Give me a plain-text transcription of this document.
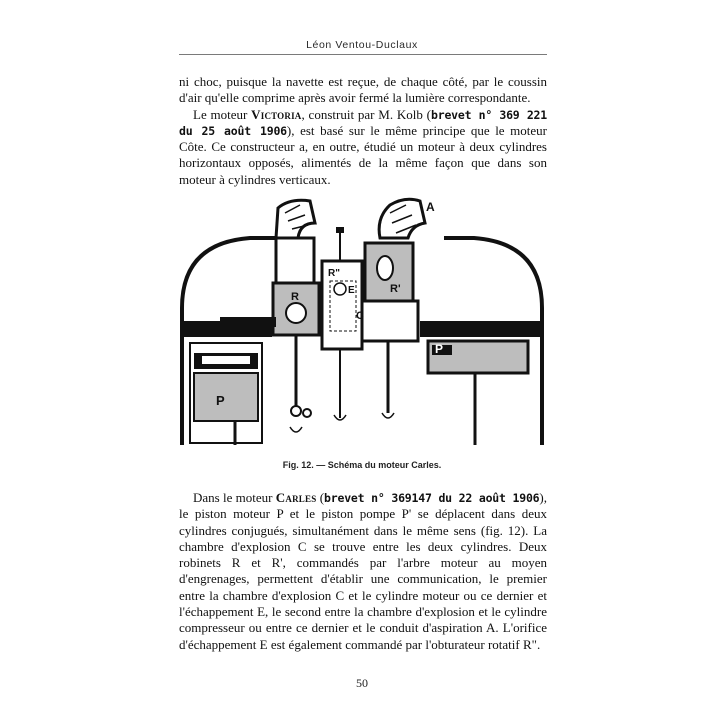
Léon Ventou-Duclaux

ni choc, puisque la navette est reçue, de chaque côté, par le coussin d'air qu'elle comprime après avoir fermé la lumière correspondante.

Le moteur Victoria, construit par M. Kolb (brevet n° 369 221 du 25 août 1906), est basé sur le même principe que le moteur Côte. Ce constructeur a, en outre, étudié un moteur à deux cylindres horizontaux opposés, alimentés de la même façon que dans son moteur à cylindres verticaux.

A
R
R'
R"
E
C
P
P
Fig. 12. — Schéma du moteur Carles.

Dans le moteur Carles (brevet n° 369147 du 22 août 1906), le piston moteur P et le piston pompe P' se déplacent dans deux cylindres conjugués, simultanément dans le même sens (fig. 12). La chambre d'explosion C se trouve entre les deux cylindres. Deux robinets R et R', commandés par l'arbre moteur au moyen d'engrenages, permettent d'établir une communication, le premier entre la chambre d'explosion C et le cylindre moteur ou ce dernier et l'échappement E, le second entre la chambre d'explosion et le cylindre compresseur ou entre ce dernier et le conduit d'aspiration A. L'orifice d'échappement E est également commandé par l'obturateur rotatif R".

50
